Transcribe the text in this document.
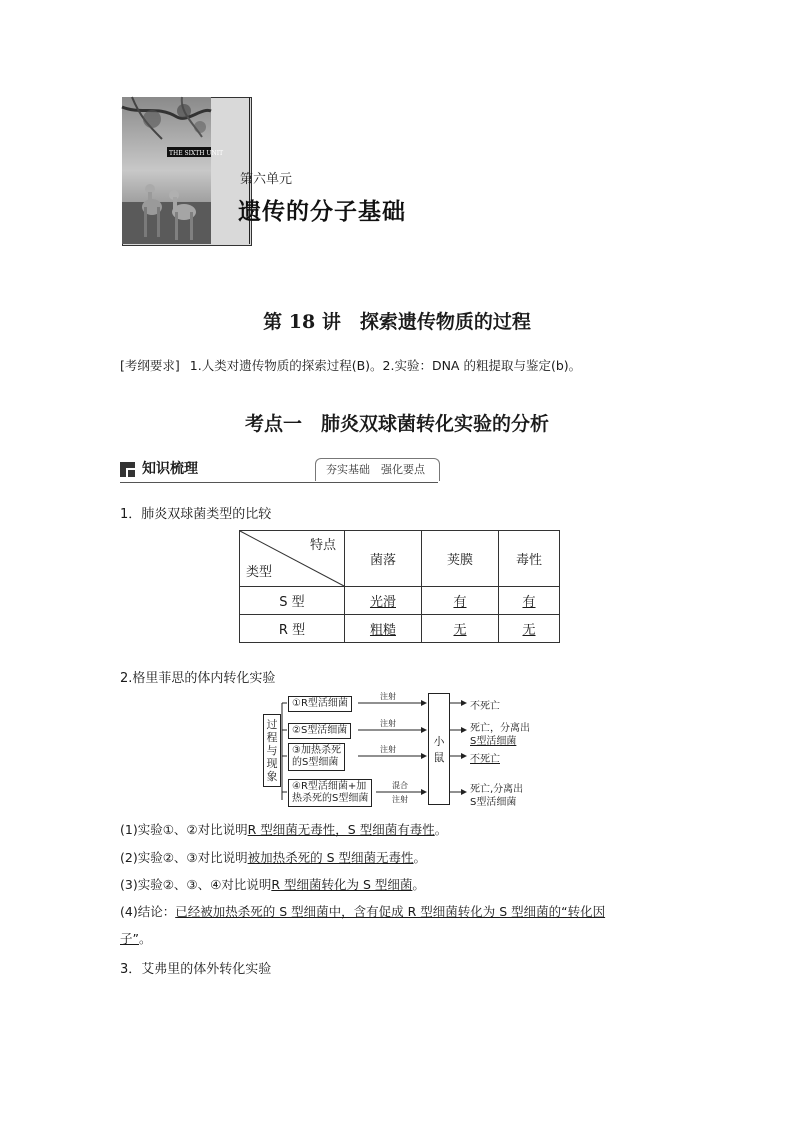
THE SIXTH UNIT
第六单元
遗传的分子基础
第 18 讲　探索遗传物质的过程
[考纲要求] 1.人类对遗传物质的探索过程(B)。2.实验：DNA 的粗提取与鉴定(b)。
考点一　肺炎双球菌转化实验的分析
知识梳理	夯实基础　强化要点
1．肺炎双球菌类型的比较
特点
类型	菌落	荚膜	毒性
S 型	光滑	有	有
R 型	粗糙	无	无
2.格里菲思的体内转化实验
过
程
与
现
象
①R型活细菌
②S型活细菌
③加热杀死
的S型细菌
④R型活细菌+加
热杀死的S型细菌
注射
注射
注射
混合
注射
小
鼠
不死亡
死亡，分离出
S型活细菌
不死亡
死亡,分离出
S型活细菌
(1)实验①、②对比说明R 型细菌无毒性，S 型细菌有毒性。
(2)实验②、③对比说明被加热杀死的 S 型细菌无毒性。
(3)实验②、③、④对比说明R 型细菌转化为 S 型细菌。
(4)结论：已经被加热杀死的 S 型细菌中，含有促成 R 型细菌转化为 S 型细菌的“转化因
子”。
3．艾弗里的体外转化实验
